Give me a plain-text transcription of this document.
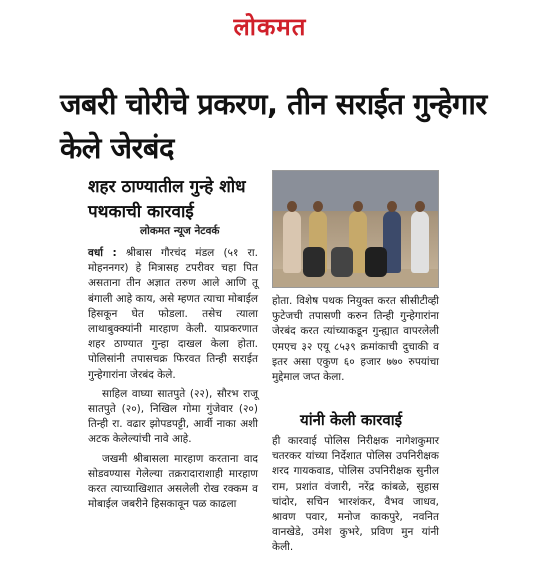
लोकमत
जबरी चोरीचे प्रकरण, तीन सराईत गुन्हेगार केले जेरबंद
शहर ठाण्यातील गुन्हे शोध पथकाची कारवाई
लोकमत न्यूज नेटवर्क

वर्धा : श्रीबास गौरचंद मंडल (५१ रा. मोहननगर) हे मित्रासह टपरीवर चहा पित असताना तीन अज्ञात तरुण आले आणि तू बंगाली आहे काय, असे म्हणत त्याचा मोबाईल हिसकून घेत फोडला. तसेच त्याला लाथाबुक्क्यांनी मारहाण केली. याप्रकरणात शहर ठाण्यात गुन्हा दाखल केला होता. पोलिसांनी तपासचक्र फिरवत तिन्ही सराईत गुन्हेगारांना जेरबंद केले.

साहिल वाघ्या सातपुते (२२), सौरभ राजू सातपुते (२०), निखिल गोमा गुंजेवार (२०) तिन्ही रा. वढार झोपडपट्टी, आर्वी नाका अशी अटक केलेल्यांची नावे आहे.

जखमी श्रीबासला मारहाण करताना वाद सोडवण्यास गेलेल्या तक्ररादाराशाही मारहाण करत त्याच्याखिशात असलेली रोख रक्कम व मोबाईल जबरीने हिसकावून पळ काढला

होता. विशेष पथक नियुक्त करत सीसीटीव्ही फुटेजची तपासणी करुन तिन्ही गुन्हेगारांना जेरबंद करत त्यांच्याकडून गुन्ह्यात वापरलेली एमएच ३२ एयू ८५३९ क्रमांकाची दुचाकी व इतर असा एकुण ६० हजार ७७० रुपयांचा मुद्देमाल जप्त केला.

यांनी केली कारवाई

ही कारवाई पोलिस निरीक्षक नागेशकुमार चतरकर यांच्या निर्देशात पोलिस उपनिरीक्षक शरद गायकवाड, पोलिस उपनिरीक्षक सुनील राम, प्रशांत वंजारी, नरेंद्र कांबळे, सुहास चांदोर, सचिन भारशंकर, वैभव जाधव, श्रावण पवार, मनोज काकपुरे, नवनित वानखेडे, उमेश कुभरे, प्रविण मुन यांनी केली.
